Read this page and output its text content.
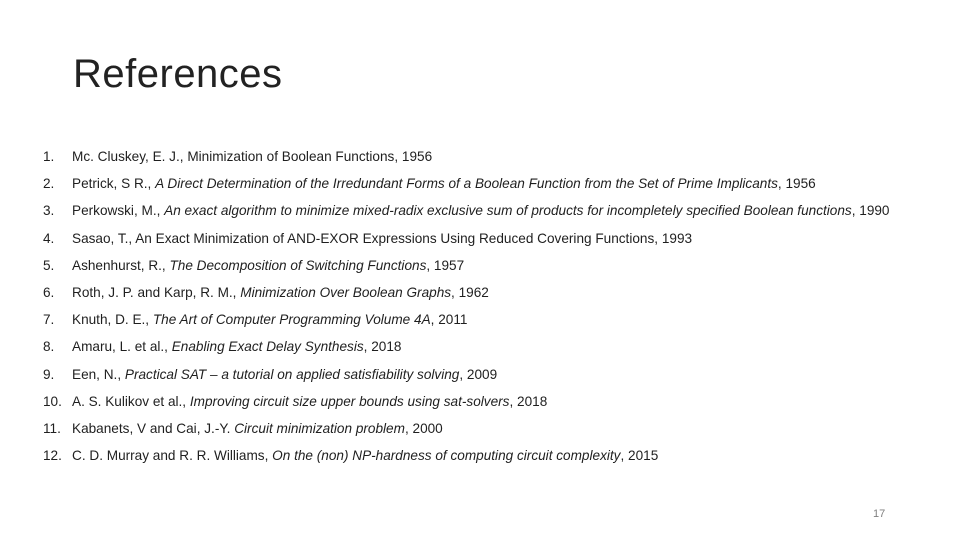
References
1.	Mc. Cluskey, E. J., Minimization of Boolean Functions, 1956
2.	Petrick, S R., A Direct Determination of the Irredundant Forms of a Boolean Function from the Set of Prime Implicants, 1956
3.	Perkowski, M., An exact algorithm to minimize mixed-radix exclusive sum of products for incompletely specified Boolean functions, 1990
4.	Sasao, T., An Exact Minimization of AND-EXOR Expressions Using Reduced Covering Functions, 1993
5.	Ashenhurst, R., The Decomposition of Switching Functions, 1957
6.	Roth, J. P. and Karp, R. M., Minimization Over Boolean Graphs, 1962
7.	Knuth, D. E., The Art of Computer Programming Volume 4A, 2011
8.	Amaru, L. et al., Enabling Exact Delay Synthesis, 2018
9.	Een, N., Practical SAT – a tutorial on applied satisfiability solving, 2009
10. A. S. Kulikov et al., Improving circuit size upper bounds using sat-solvers, 2018
11. Kabanets, V and Cai, J.-Y. Circuit minimization problem, 2000
12. C. D. Murray and R. R. Williams, On the (non) NP-hardness of computing circuit complexity, 2015
17
